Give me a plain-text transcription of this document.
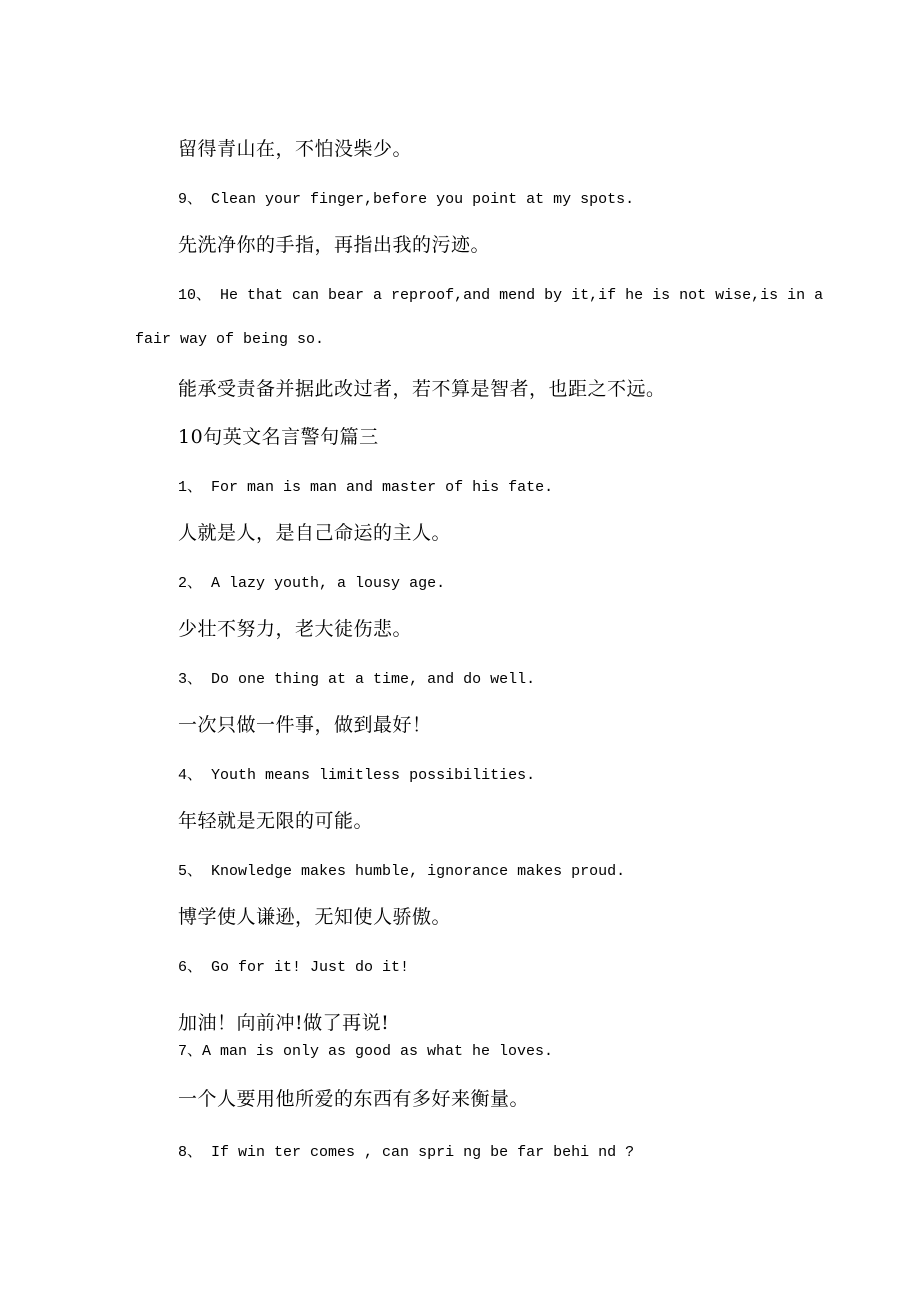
留得青山在，不怕没柴少。

9、 Clean your finger,before you point at my spots.

先洗净你的手指，再指出我的污迹。

10、 He that can bear a reproof,and mend by it,if he is not wise,is in a

fair way of being so.

能承受责备并据此改过者，若不算是智者，也距之不远。

10句英文名言警句篇三

1、 For man is man and master of his fate.

人就是人，是自己命运的主人。

2、 A lazy youth, a lousy age.

少壮不努力，老大徒伤悲。

3、 Do one thing at a time, and do well.

一次只做一件事，做到最好！

4、 Youth means limitless possibilities.

年轻就是无限的可能。

5、 Knowledge makes humble, ignorance makes proud.

博学使人谦逊，无知使人骄傲。

6、 Go for it! Just do it!

加油！向前冲!做了再说!

7、A man is only as good as what he loves.

一个人要用他所爱的东西有多好来衡量。

8、 If win ter comes , can spri ng be far behi nd ?
